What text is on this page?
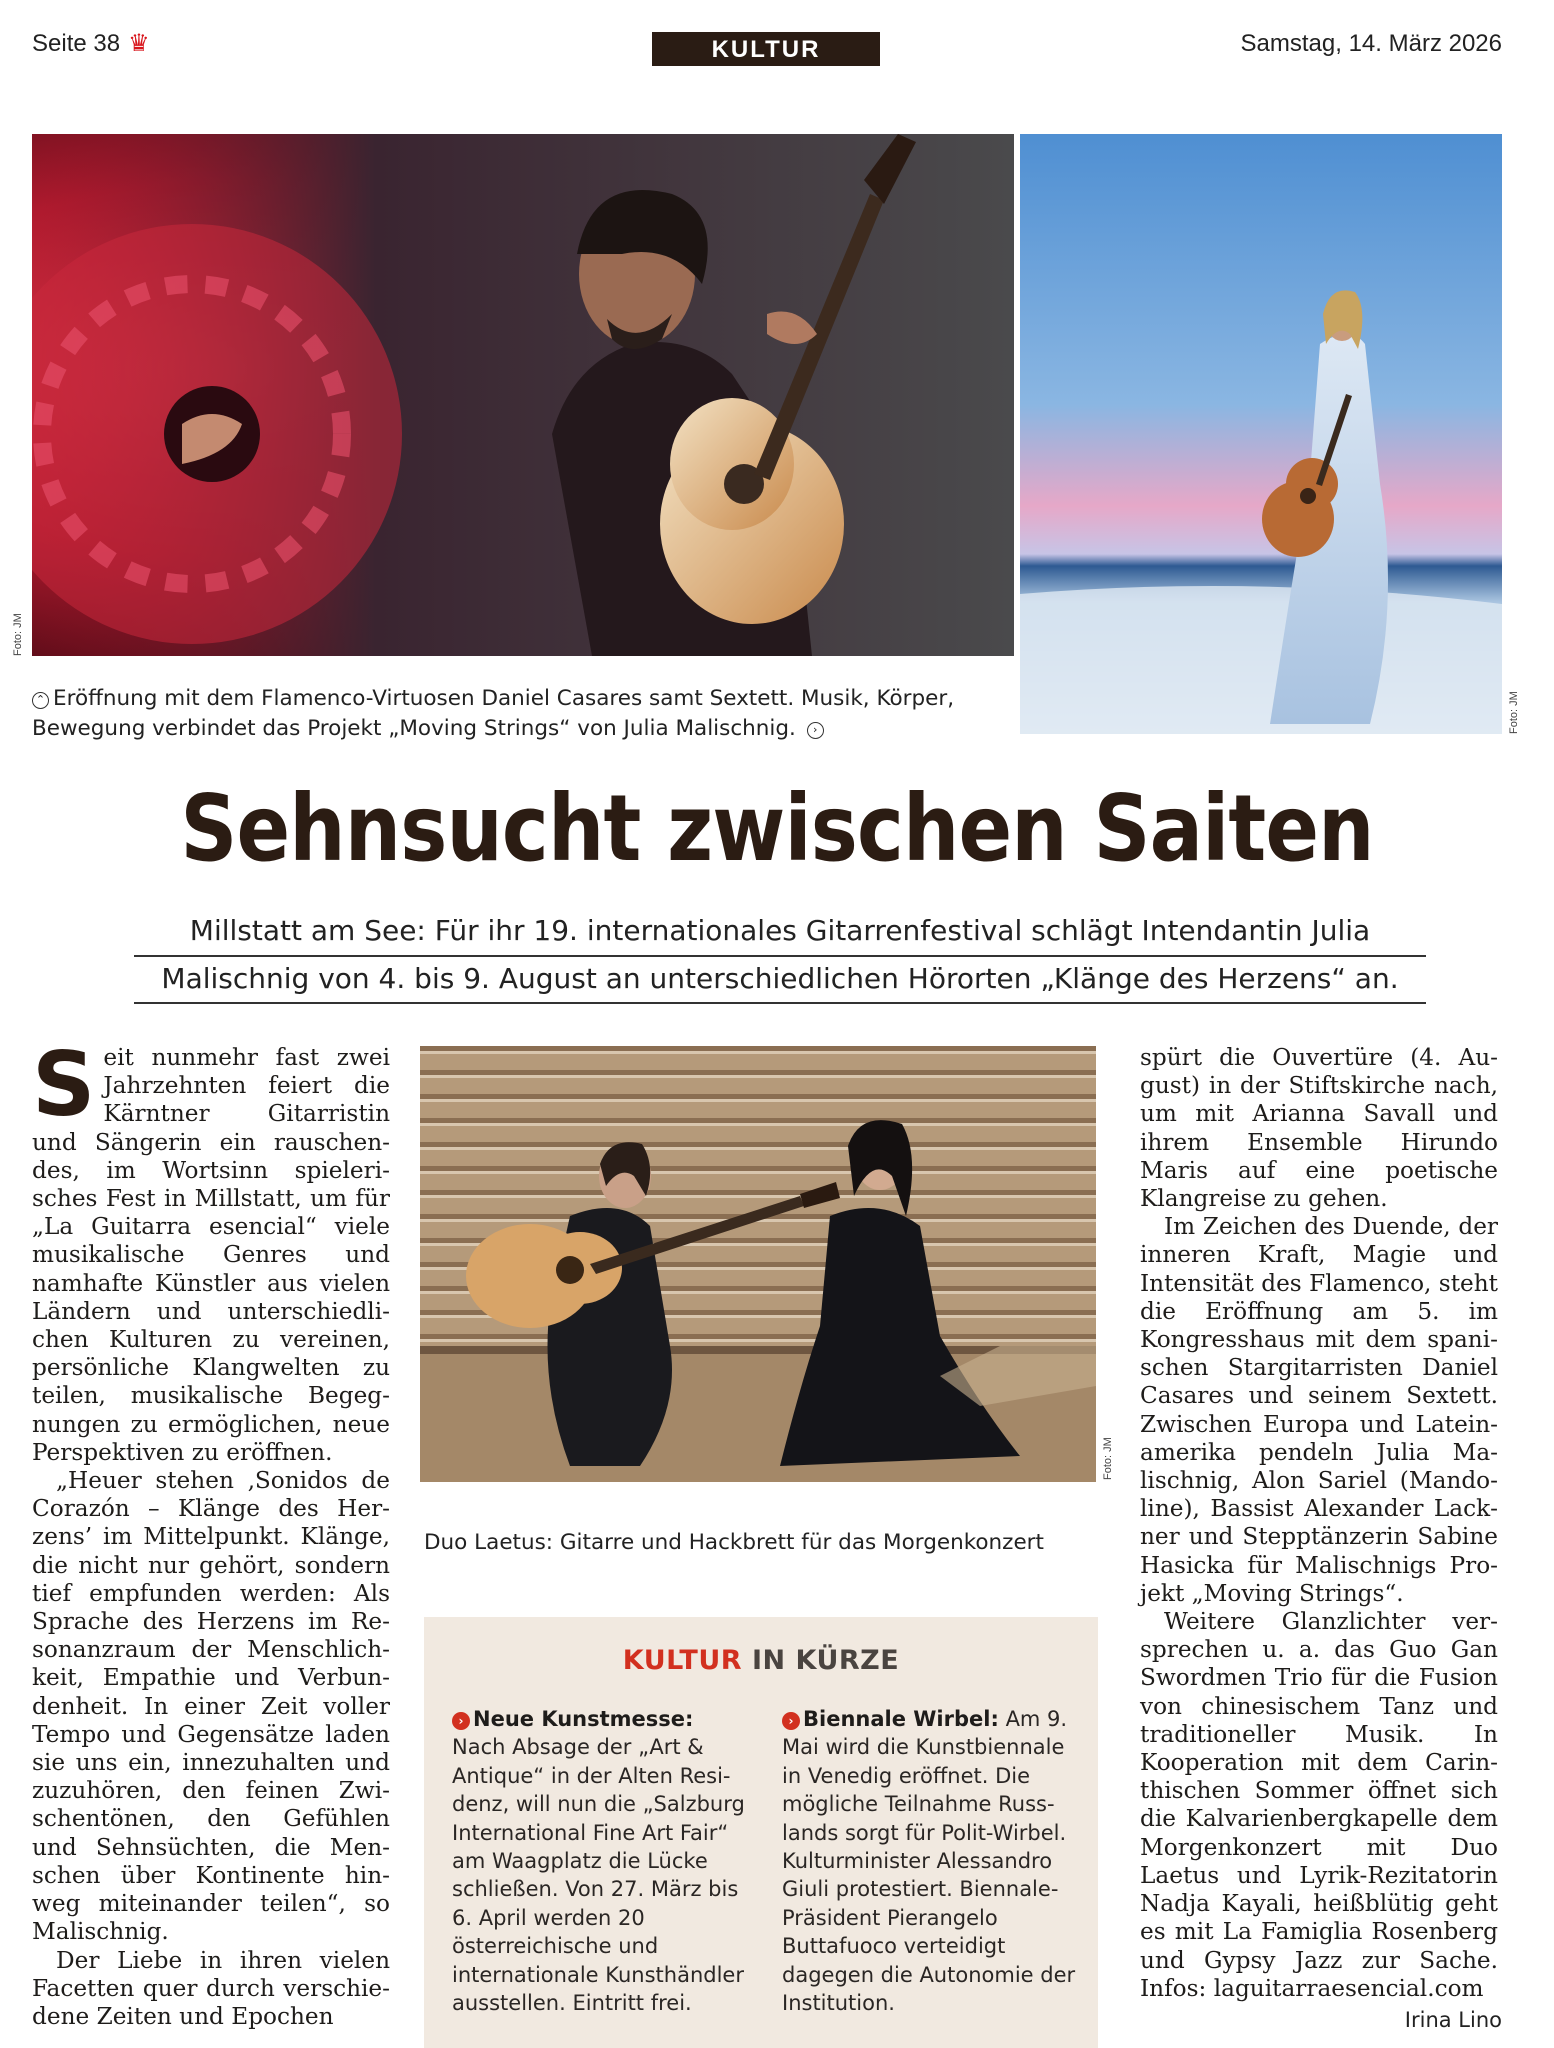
Seite 38 ♛	KULTUR	Samstag, 14. März 2026
Foto: JM
Foto: JM
⌃ Eröffnung mit dem Flamenco-Virtuosen Daniel Casares samt Sextett. Musik, Körper, Bewegung verbindet das Projekt „Moving Strings“ von Julia Malischnig. ›
Sehnsucht zwischen Saiten
Millstatt am See: Für ihr 19. internationales Gitarrenfestival schlägt Intendantin Julia
Malischnig von 4. bis 9. August an unterschiedlichen Hörorten „Klänge des Herzens“ an.

Seit nunmehr fast zwei Jahrzehnten feiert die Kärntner Gitarristin und Sängerin ein rauschendes, im Wortsinn spielerisches Fest in Millstatt, um für „La Guitarra esencial“ viele musikalische Genres und namhafte Künstler aus vielen Ländern und unterschiedlichen Kulturen zu vereinen, persönliche Klangwelten zu teilen, musikalische Begegnungen zu ermöglichen, neue Perspektiven zu eröffnen.

„Heuer stehen ‚Sonidos de Corazón – Klänge des Herzens’ im Mittelpunkt. Klänge, die nicht nur gehört, sondern tief empfunden werden: Als Sprache des Herzens im Resonanzraum der Menschlichkeit, Empathie und Verbundenheit. In einer Zeit voller Tempo und Gegensätze laden sie uns ein, innezuhalten und zuzuhören, den feinen Zwischentönen, den Gefühlen und Sehnsüchten, die Menschen über Kontinente hinweg miteinander teilen“, so Malischnig.

Der Liebe in ihren vielen Facetten quer durch verschiedene Zeiten und Epochen

Foto: JM
Duo Laetus: Gitarre und Hackbrett für das Morgenkonzert
KULTUR IN KÜRZE
› Neue Kunstmesse: Nach Absage der „Art & Antique“ in der Alten Residenz, will nun die „Salzburg International Fine Art Fair“ am Waagplatz die Lücke schließen. Von 27. März bis 6. April werden 20 österreichische und internationale Kunsthändler ausstellen. Eintritt frei.
› Biennale Wirbel: Am 9. Mai wird die Kunstbiennale in Venedig eröffnet. Die mögliche Teilnahme Russlands sorgt für Polit-Wirbel. Kulturminister Alessandro Giuli protestiert. Biennale-Präsident Pierangelo Buttafuoco verteidigt dagegen die Autonomie der Institution.

spürt die Ouvertüre (4. August) in der Stiftskirche nach, um mit Arianna Savall und ihrem Ensemble Hirundo Maris auf eine poetische Klangreise zu gehen.

Im Zeichen des Duende, der inneren Kraft, Magie und Intensität des Flamenco, steht die Eröffnung am 5. im Kongresshaus mit dem spanischen Stargitarristen Daniel Casares und seinem Sextett. Zwischen Europa und Lateinamerika pendeln Julia Malischnig, Alon Sariel (Mandoline), Bassist Alexander Lackner und Stepptänzerin Sabine Hasicka für Malischnigs Projekt „Moving Strings“.

Weitere Glanzlichter versprechen u. a. das Guo Gan Swordmen Trio für die Fusion von chinesischem Tanz und traditioneller Musik. In Kooperation mit dem Carinthischen Sommer öffnet sich die Kalvarienbergkapelle dem Morgenkonzert mit Duo Laetus und Lyrik-Rezitatorin Nadja Kayali, heißblütig geht es mit La Famiglia Rosenberg und Gypsy Jazz zur Sache. Infos: laguitarraesencial.com

Irina Lino
